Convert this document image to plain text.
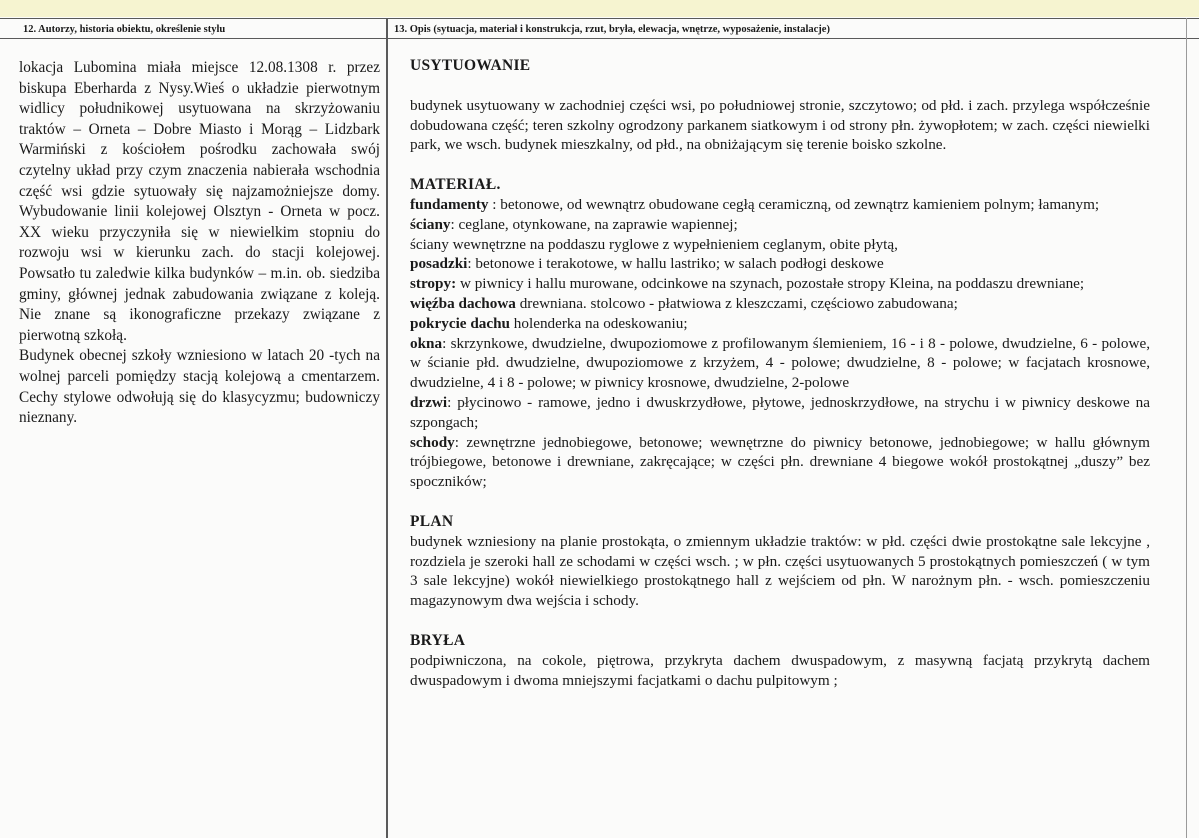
12. Autorzy, historia obiektu, określenie stylu	13. Opis (sytuacja, materiał i konstrukcja, rzut, bryła, elewacja, wnętrze, wyposażenie, instalacje)

lokacja Lubomina miała miejsce 12.08.1308 r. przez biskupa Eberharda z Nysy.Wieś o układzie pierwotnym widlicy południkowej usytuowana na skrzyżowaniu traktów – Orneta – Dobre Miasto i Morąg – Lidzbark Warmiński z kościołem pośrodku zachowała swój czytelny układ przy czym znaczenia nabierała wschodnia część wsi gdzie sytuowały się najzamożniejsze domy. Wybudowanie linii kolejowej Olsztyn - Orneta w pocz. XX wieku przyczyniła się w niewielkim stopniu do rozwoju wsi w kierunku zach. do stacji kolejowej. Powsatło tu zaledwie kilka budynków – m.in. ob. siedziba gminy, głównej jednak zabudowania związane z koleją. Nie znane są ikonograficzne przekazy związane z pierwotną szkołą.

Budynek obecnej szkoły wzniesiono w latach 20 -tych na wolnej parceli pomiędzy stacją kolejową a cmentarzem. Cechy stylowe odwołują się do klasycyzmu; budowniczy nieznany.

USYTUOWANIE

budynek usytuowany w zachodniej części wsi, po południowej stronie, szczytowo; od płd. i zach. przylega współcześnie dobudowana część; teren szkolny ogrodzony parkanem siatkowym i od strony płn. żywopłotem; w zach. części niewielki park, we wsch. budynek mieszkalny, od płd., na obniżającym się terenie boisko szkolne.

MATERIAŁ.

fundamenty : betonowe, od wewnątrz obudowane cegłą ceramiczną, od zewnątrz kamieniem polnym; łamanym;

ściany: ceglane, otynkowane, na zaprawie wapiennej;

ściany wewnętrzne na poddaszu ryglowe z wypełnieniem ceglanym, obite płytą,

posadzki: betonowe i terakotowe, w hallu lastriko; w salach podłogi deskowe

stropy: w piwnicy i hallu murowane, odcinkowe na szynach, pozostałe stropy Kleina, na poddaszu drewniane;

więźba dachowa drewniana. stolcowo - płatwiowa z kleszczami, częściowo zabudowana;

pokrycie dachu holenderka na odeskowaniu;

okna: skrzynkowe, dwudzielne, dwupoziomowe z profilowanym ślemieniem, 16 - i 8 - polowe, dwudzielne, 6 - polowe, w ścianie płd. dwudzielne, dwupoziomowe z krzyżem, 4 - polowe; dwudzielne, 8 - polowe; w facjatach krosnowe, dwudzielne, 4 i 8 - polowe; w piwnicy krosnowe, dwudzielne, 2-polowe

drzwi: płycinowo - ramowe, jedno i dwuskrzydłowe, płytowe, jednoskrzydłowe, na strychu i w piwnicy deskowe na szpongach;

schody: zewnętrzne jednobiegowe, betonowe; wewnętrzne do piwnicy betonowe, jednobiegowe; w hallu głównym trójbiegowe, betonowe i drewniane, zakręcające; w części płn. drewniane 4 biegowe wokół prostokątnej „duszy” bez spoczników;

PLAN

budynek wzniesiony na planie prostokąta, o zmiennym układzie traktów: w płd. części dwie prostokątne sale lekcyjne , rozdziela je szeroki hall ze schodami w części wsch. ; w płn. części usytuowanych 5 prostokątnych pomieszczeń ( w tym 3 sale lekcyjne) wokół niewielkiego prostokątnego hall z wejściem od płn. W narożnym płn. - wsch. pomieszczeniu magazynowym dwa wejścia i schody.

BRYŁA

podpiwniczona, na cokole, piętrowa, przykryta dachem dwuspadowym, z masywną facjatą przykrytą dachem dwuspadowym i dwoma mniejszymi facjatkami o dachu pulpitowym ;
